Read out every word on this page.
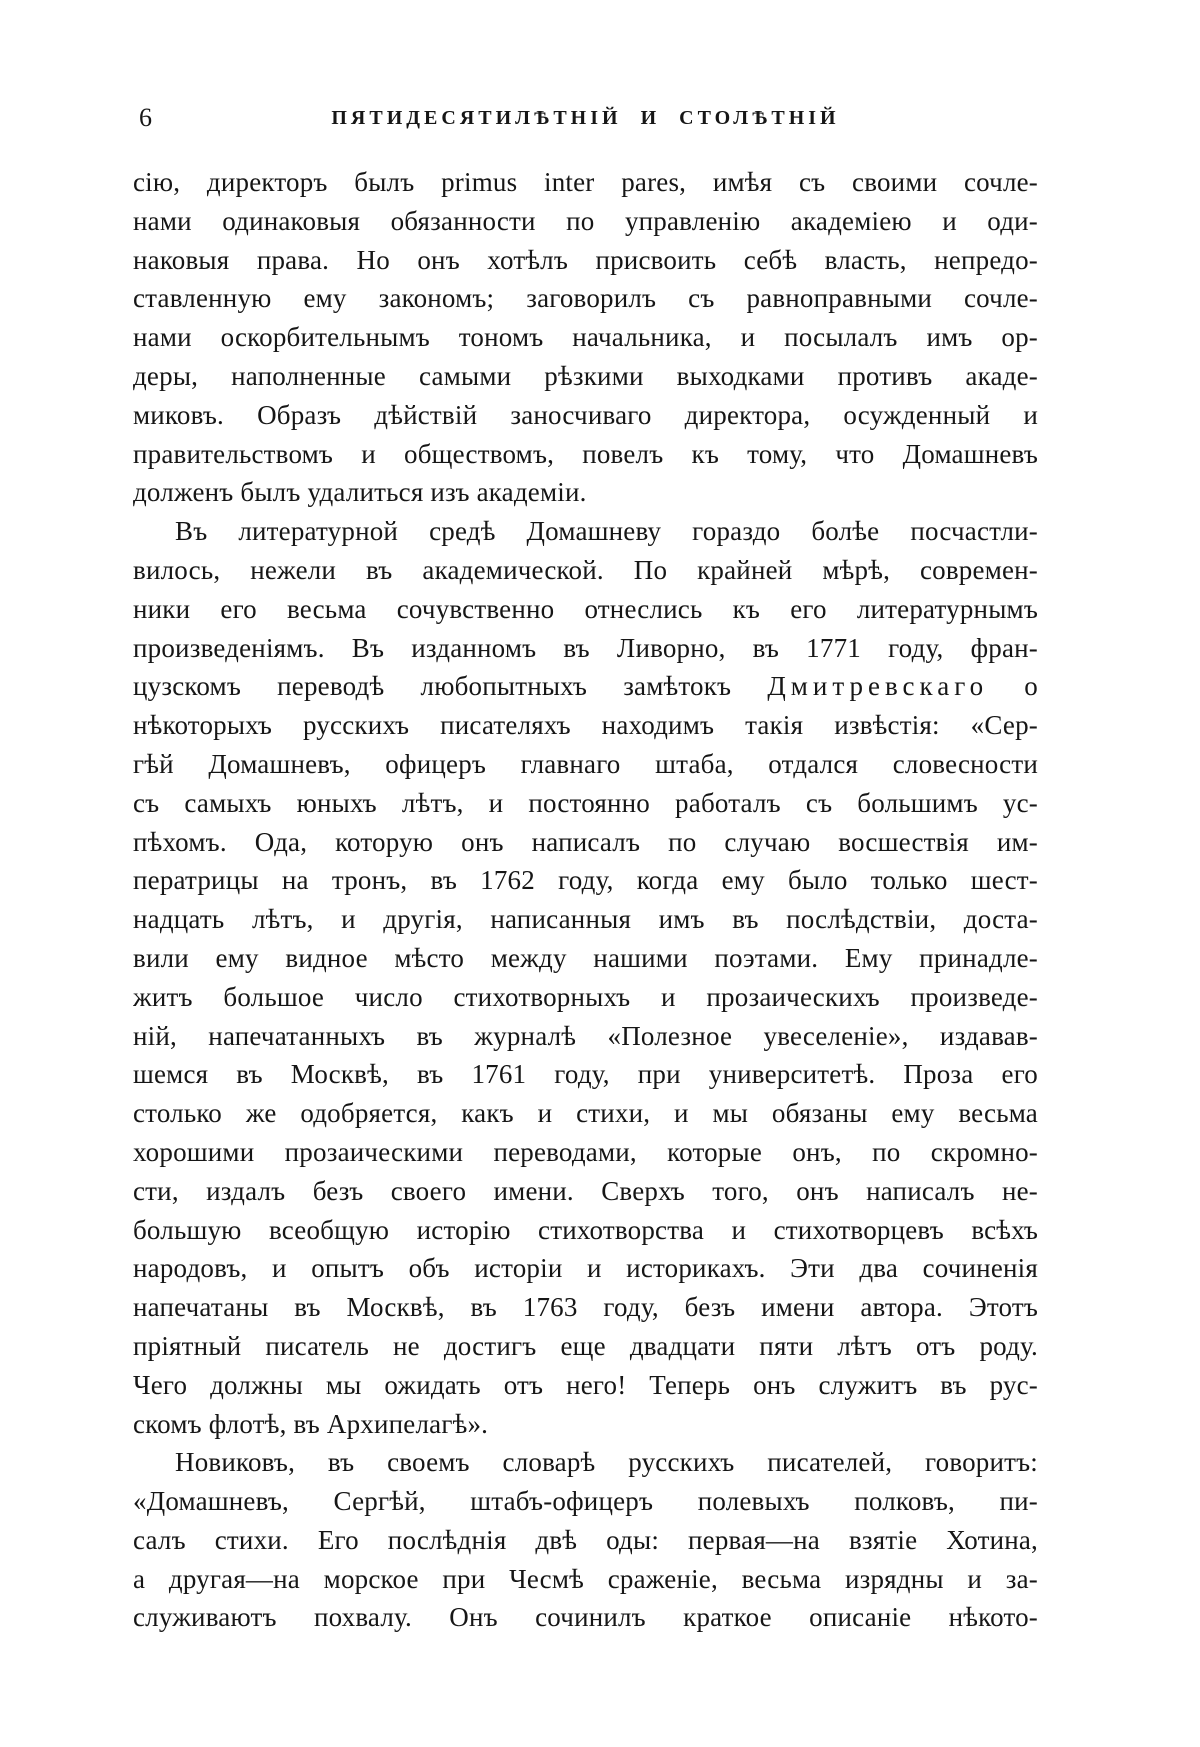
6	ПЯТИДЕСЯТИЛѢТНІЙ И СТОЛѢТНІЙ
сію, директоръ былъ primus inter pares, имѣя съ своими сочле-
нами одинаковыя обязанности по управленію академіею и оди-
наковыя права. Но онъ хотѣлъ присвоить себѣ власть, непредо-
ставленную ему закономъ; заговорилъ съ равноправными сочле-
нами оскорбительнымъ тономъ начальника, и посылалъ имъ ор-
деры, наполненные самыми рѣзкими выходками противъ акаде-
миковъ. Образъ дѣйствій заносчиваго директора, осужденный и
правительствомъ и обществомъ, повелъ къ тому, что Домашневъ
долженъ былъ удалиться изъ академіи.
Въ литературной средѣ Домашневу гораздо болѣе посчастли-
вилось, нежели въ академической. По крайней мѣрѣ, современ-
ники его весьма сочувственно отнеслись къ его литературнымъ
произведеніямъ. Въ изданномъ въ Ливорно, въ 1771 году, фран-
цузскомъ переводѣ любопытныхъ замѣтокъ Дмитревскаго о
нѣкоторыхъ русскихъ писателяхъ находимъ такія извѣстія: «Сер-
гѣй Домашневъ, офицеръ главнаго штаба, отдался словесности
съ самыхъ юныхъ лѣтъ, и постоянно работалъ съ большимъ ус-
пѣхомъ. Ода, которую онъ написалъ по случаю восшествія им-
ператрицы на тронъ, въ 1762 году, когда ему было только шест-
надцать лѣтъ, и другія, написанныя имъ въ послѣдствіи, доста-
вили ему видное мѣсто между нашими поэтами. Ему принадле-
житъ большое число стихотворныхъ и прозаическихъ произведе-
ній, напечатанныхъ въ журналѣ «Полезное увеселеніе», издавав-
шемся въ Москвѣ, въ 1761 году, при университетѣ. Проза его
столько же одобряется, какъ и стихи, и мы обязаны ему весьма
хорошими прозаическими переводами, которые онъ, по скромно-
сти, издалъ безъ своего имени. Сверхъ того, онъ написалъ не-
большую всеобщую исторію стихотворства и стихотворцевъ всѣхъ
народовъ, и опытъ объ исторіи и историкахъ. Эти два сочиненія
напечатаны въ Москвѣ, въ 1763 году, безъ имени автора. Этотъ
пріятный писатель не достигъ еще двадцати пяти лѣтъ отъ роду.
Чего должны мы ожидать отъ него! Теперь онъ служитъ въ рус-
скомъ флотѣ, въ Архипелагѣ».
Новиковъ, въ своемъ словарѣ русскихъ писателей, говоритъ:
«Домашневъ, Сергѣй, штабъ-офицеръ полевыхъ полковъ, пи-
салъ стихи. Его послѣднія двѣ оды: первая—на взятіе Хотина,
а другая—на морское при Чесмѣ сраженіе, весьма изрядны и за-
служиваютъ похвалу. Онъ сочинилъ краткое описаніе нѣкото-
